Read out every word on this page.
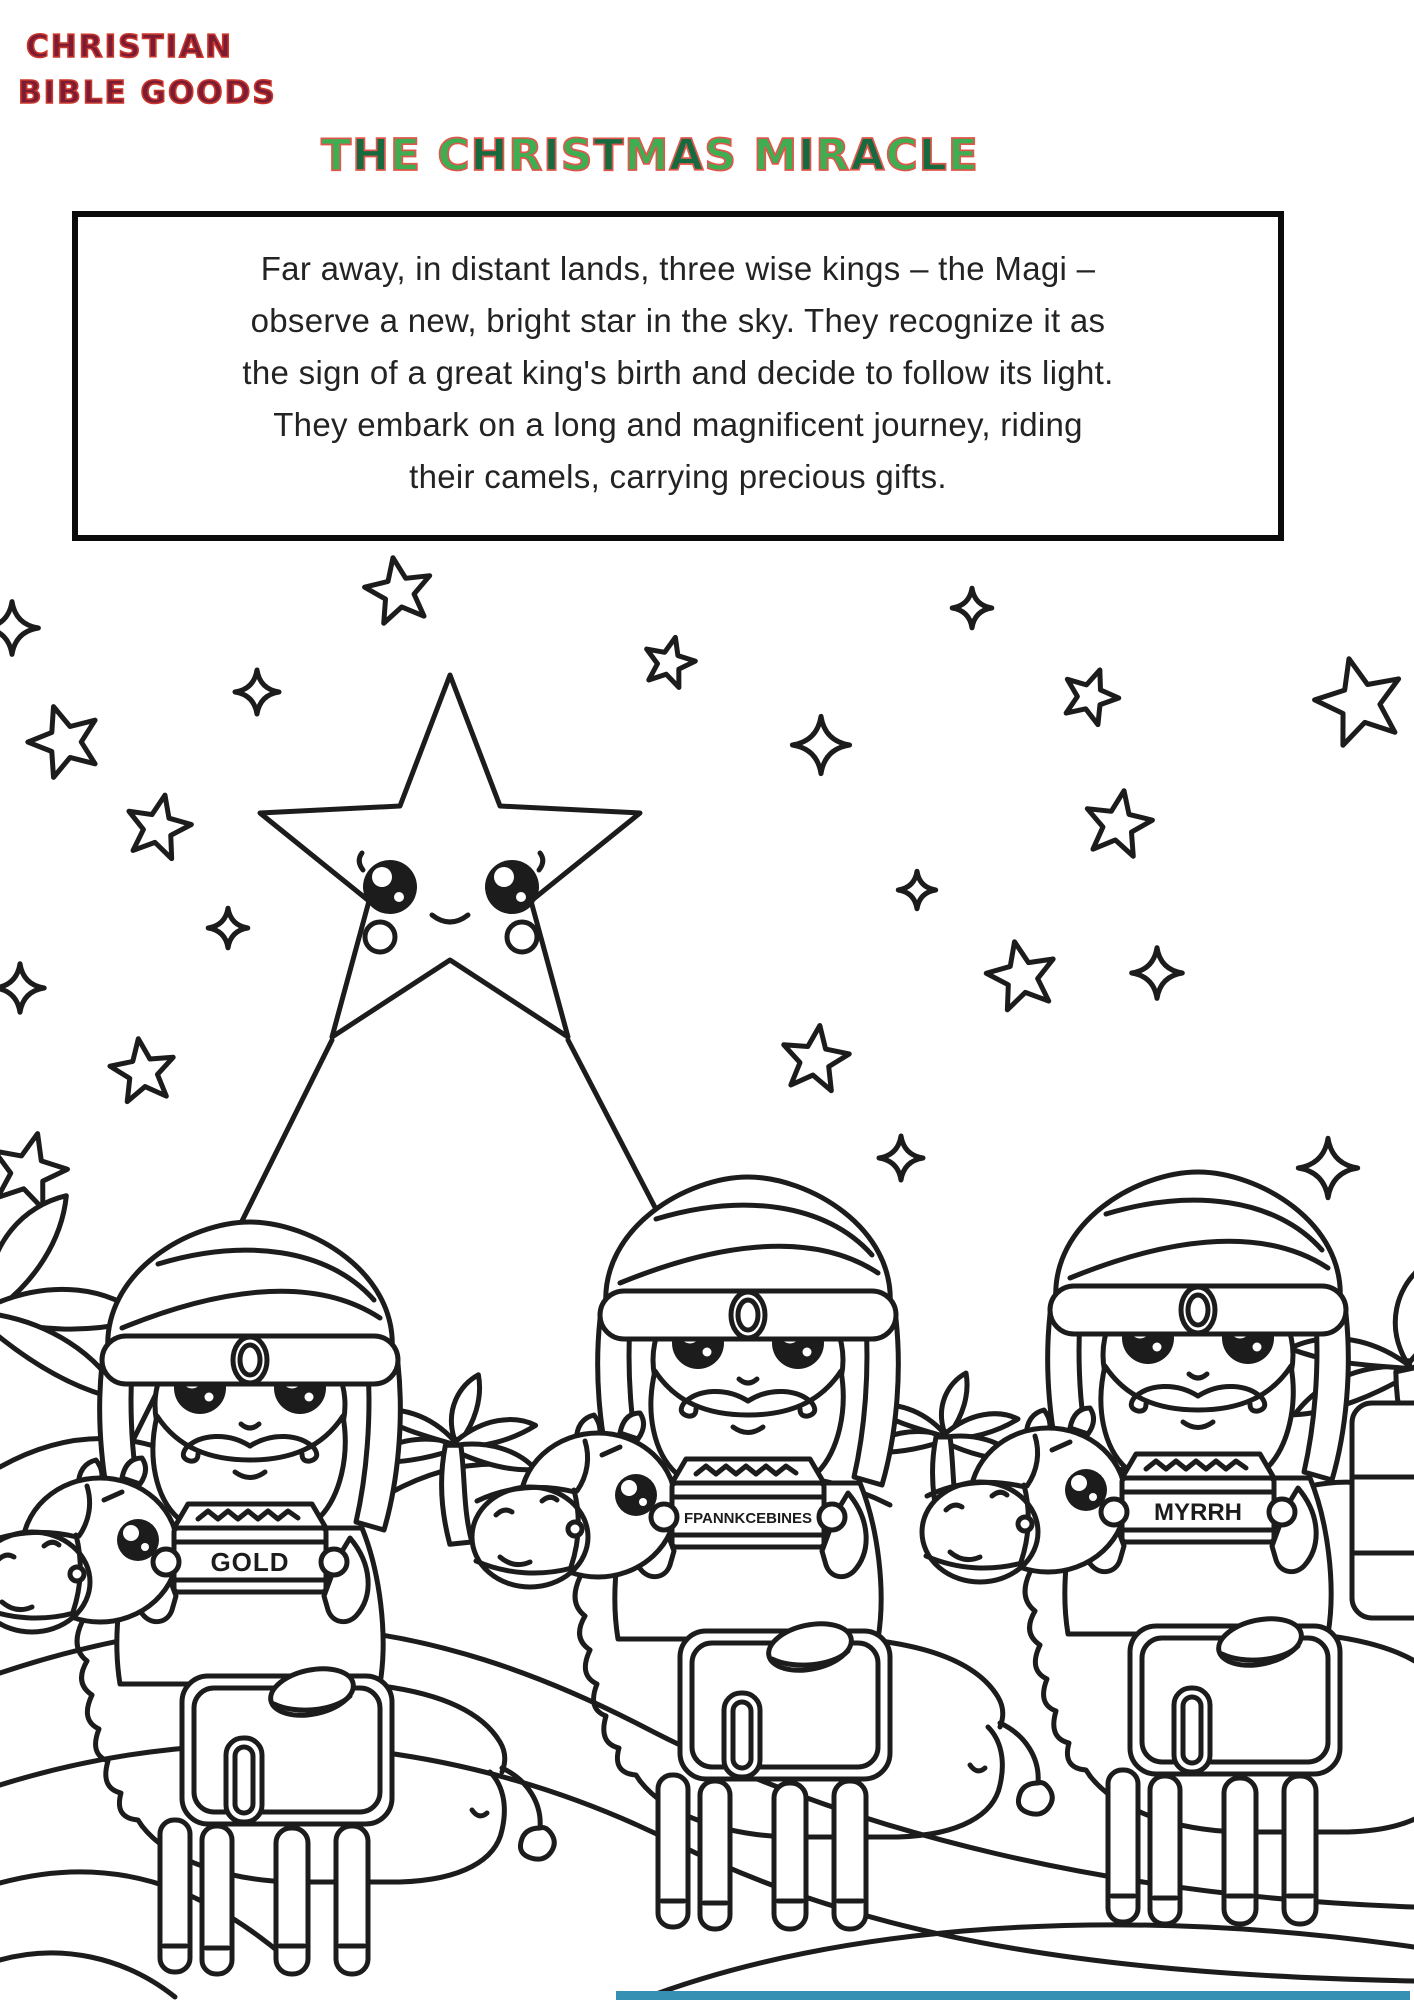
CHRISTIAN
BIBLE GOODS
THE CHRISTMAS MIRACLE
Far away, in distant lands, three wise kings – the Magi –
observe a new, bright star in the sky. They recognize it as
the sign of a great king's birth and decide to follow its light.
They embark on a long and magnificent journey, riding
their camels, carrying precious gifts.
GOLD
FPANNKCEBINES	MYRRH
